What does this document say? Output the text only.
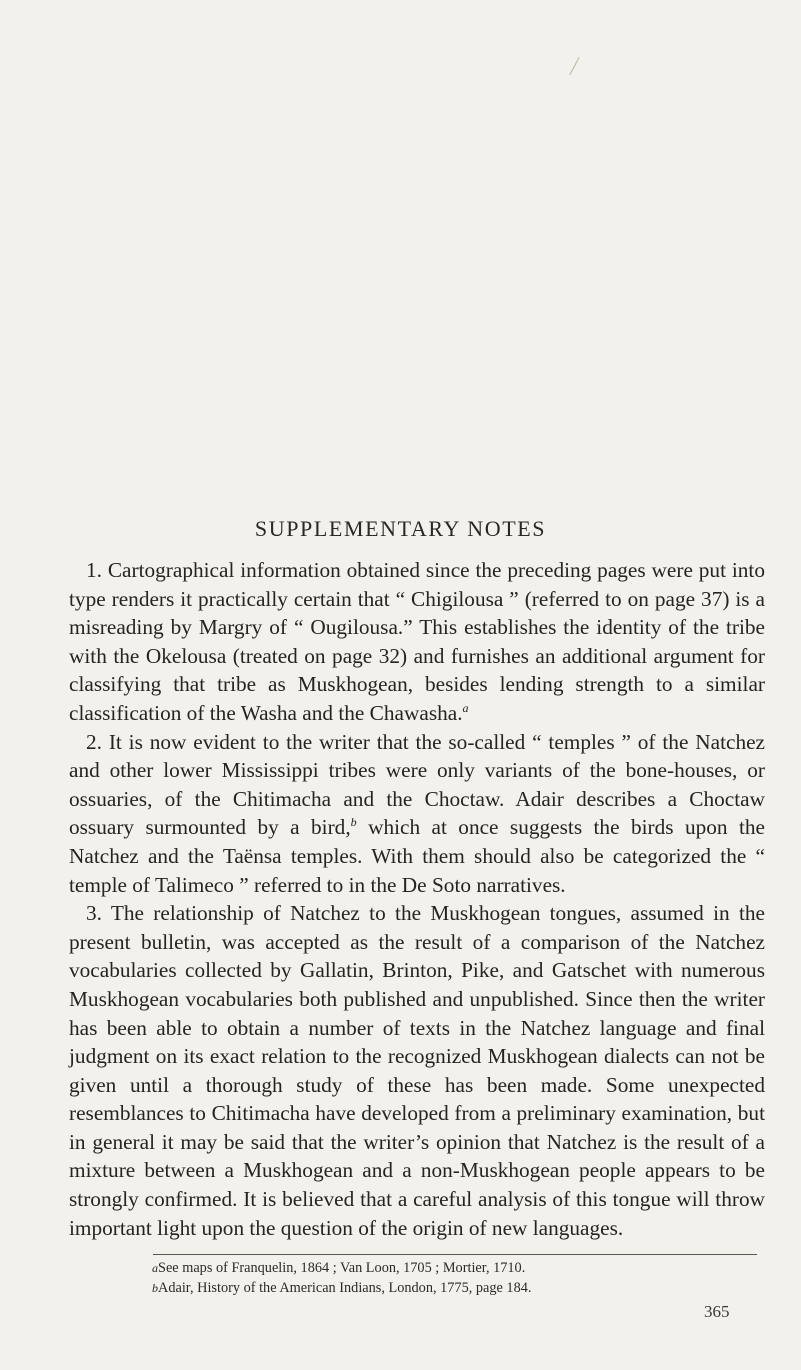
SUPPLEMENTARY NOTES

1. Cartographical information obtained since the preceding pages were put into type renders it practically certain that “ Chigilousa ” (referred to on page 37) is a misreading by Margry of “ Ougilousa.” This establishes the identity of the tribe with the Okelousa (treated on page 32) and furnishes an additional argument for classifying that tribe as Muskhogean, besides lending strength to a similar classification of the Washa and the Chawasha.$^a$

2. It is now evident to the writer that the so-called “ temples ” of the Natchez and other lower Mississippi tribes were only variants of the bone-houses, or ossuaries, of the Chitimacha and the Choctaw. Adair describes a Choctaw ossuary surmounted by a bird,$^b$ which at once suggests the birds upon the Natchez and the Taënsa temples. With them should also be categorized the “ temple of Talimeco ” referred to in the De Soto narratives.

3. The relationship of Natchez to the Muskhogean tongues, assumed in the present bulletin, was accepted as the result of a comparison of the Natchez vocabularies collected by Gallatin, Brinton, Pike, and Gatschet with numerous Muskhogean vocabularies both published and unpublished. Since then the writer has been able to obtain a number of texts in the Natchez language and final judgment on its exact relation to the recognized Muskhogean dialects can not be given until a thorough study of these has been made. Some unexpected resemblances to Chitimacha have developed from a preliminary examination, but in general it may be said that the writer’s opinion that Natchez is the result of a mixture between a Muskhogean and a non-Muskhogean people appears to be strongly confirmed. It is believed that a careful analysis of this tongue will throw important light upon the question of the origin of new languages.

aSee maps of Franquelin, 1864 ; Van Loon, 1705 ; Mortier, 1710.
bAdair, History of the American Indians, London, 1775, page 184.
365
